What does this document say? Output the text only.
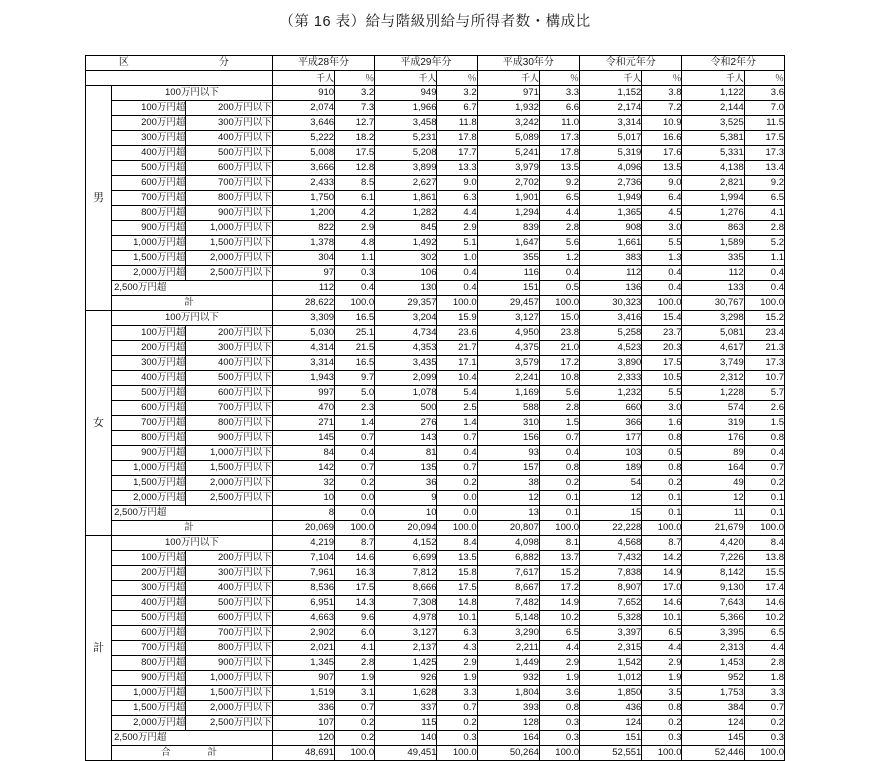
（第 16 表）給与階級別給与所得者数・構成比
区　　　　分			平成28年分		平成29年分		平成30年分		令和元年分		令和2年分	
			千人	％	千人	％	千人	％	千人	％	千人	％
男	100万円以下		910	3.2	949	3.2	971	3.3	1,152	3.8	1,122	3.6
	100万円超	200万円以下	2,074	7.3	1,966	6.7	1,932	6.6	2,174	7.2	2,144	7.0
	200万円超	300万円以下	3,646	12.7	3,458	11.8	3,242	11.0	3,314	10.9	3,525	11.5
	300万円超	400万円以下	5,222	18.2	5,231	17.8	5,089	17.3	5,017	16.6	5,381	17.5
	400万円超	500万円以下	5,008	17.5	5,208	17.7	5,241	17.8	5,319	17.6	5,331	17.3
	500万円超	600万円以下	3,666	12.8	3,899	13.3	3,979	13.5	4,096	13.5	4,138	13.4
	600万円超	700万円以下	2,433	8.5	2,627	9.0	2,702	9.2	2,736	9.0	2,821	9.2
	700万円超	800万円以下	1,750	6.1	1,861	6.3	1,901	6.5	1,949	6.4	1,994	6.5
	800万円超	900万円以下	1,200	4.2	1,282	4.4	1,294	4.4	1,365	4.5	1,276	4.1
	900万円超	1,000万円以下	822	2.9	845	2.9	839	2.8	908	3.0	863	2.8
	1,000万円超	1,500万円以下	1,378	4.8	1,492	5.1	1,647	5.6	1,661	5.5	1,589	5.2
	1,500万円超	2,000万円以下	304	1.1	302	1.0	355	1.2	383	1.3	335	1.1
	2,000万円超	2,500万円以下	97	0.3	106	0.4	116	0.4	112	0.4	112	0.4
	2,500万円超		112	0.4	130	0.4	151	0.5	136	0.4	133	0.4
	計		28,622	100.0	29,357	100.0	29,457	100.0	30,323	100.0	30,767	100.0
女	100万円以下		3,309	16.5	3,204	15.9	3,127	15.0	3,416	15.4	3,298	15.2
	100万円超	200万円以下	5,030	25.1	4,734	23.6	4,950	23.8	5,258	23.7	5,081	23.4
	200万円超	300万円以下	4,314	21.5	4,353	21.7	4,375	21.0	4,523	20.3	4,617	21.3
	300万円超	400万円以下	3,314	16.5	3,435	17.1	3,579	17.2	3,890	17.5	3,749	17.3
	400万円超	500万円以下	1,943	9.7	2,099	10.4	2,241	10.8	2,333	10.5	2,312	10.7
	500万円超	600万円以下	997	5.0	1,078	5.4	1,169	5.6	1,232	5.5	1,228	5.7
	600万円超	700万円以下	470	2.3	500	2.5	588	2.8	660	3.0	574	2.6
	700万円超	800万円以下	271	1.4	276	1.4	310	1.5	366	1.6	319	1.5
	800万円超	900万円以下	145	0.7	143	0.7	156	0.7	177	0.8	176	0.8
	900万円超	1,000万円以下	84	0.4	81	0.4	93	0.4	103	0.5	89	0.4
	1,000万円超	1,500万円以下	142	0.7	135	0.7	157	0.8	189	0.8	164	0.7
	1,500万円超	2,000万円以下	32	0.2	36	0.2	38	0.2	54	0.2	49	0.2
	2,000万円超	2,500万円以下	10	0.0	9	0.0	12	0.1	12	0.1	12	0.1
	2,500万円超		8	0.0	10	0.0	13	0.1	15	0.1	11	0.1
	計		20,069	100.0	20,094	100.0	20,807	100.0	22,228	100.0	21,679	100.0
計	100万円以下		4,219	8.7	4,152	8.4	4,098	8.1	4,568	8.7	4,420	8.4
	100万円超	200万円以下	7,104	14.6	6,699	13.5	6,882	13.7	7,432	14.2	7,226	13.8
	200万円超	300万円以下	7,961	16.3	7,812	15.8	7,617	15.2	7,838	14.9	8,142	15.5
	300万円超	400万円以下	8,536	17.5	8,666	17.5	8,667	17.2	8,907	17.0	9,130	17.4
	400万円超	500万円以下	6,951	14.3	7,308	14.8	7,482	14.9	7,652	14.6	7,643	14.6
	500万円超	600万円以下	4,663	9.6	4,978	10.1	5,148	10.2	5,328	10.1	5,366	10.2
	600万円超	700万円以下	2,902	6.0	3,127	6.3	3,290	6.5	3,397	6.5	3,395	6.5
	700万円超	800万円以下	2,021	4.1	2,137	4.3	2,211	4.4	2,315	4.4	2,313	4.4
	800万円超	900万円以下	1,345	2.8	1,425	2.9	1,449	2.9	1,542	2.9	1,453	2.8
	900万円超	1,000万円以下	907	1.9	926	1.9	932	1.9	1,012	1.9	952	1.8
	1,000万円超	1,500万円以下	1,519	3.1	1,628	3.3	1,804	3.6	1,850	3.5	1,753	3.3
	1,500万円超	2,000万円以下	336	0.7	337	0.7	393	0.8	436	0.8	384	0.7
	2,000万円超	2,500万円以下	107	0.2	115	0.2	128	0.3	124	0.2	124	0.2
	2,500万円超		120	0.2	140	0.3	164	0.3	151	0.3	145	0.3
	合　　計		48,691	100.0	49,451	100.0	50,264	100.0	52,551	100.0	52,446	100.0
